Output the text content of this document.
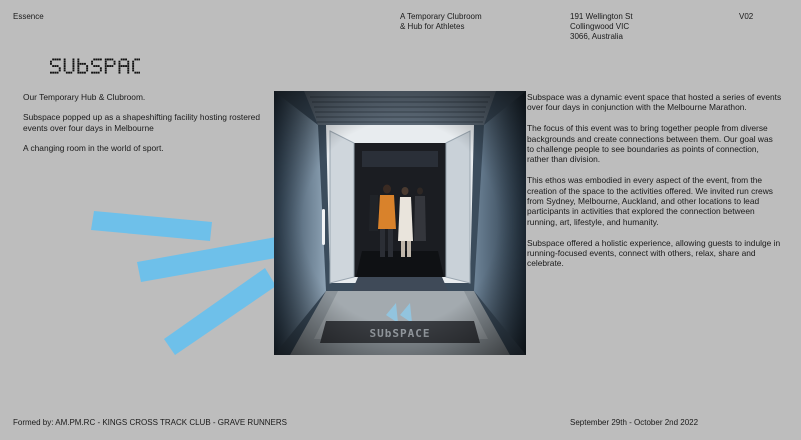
Essence	A Temporary Clubroom
& Hub for Athletes
191 Wellington St
Collingwood VIC
3066, Australia
V02

Our Temporary Hub & Clubroom.

Subspace popped up as a shapeshifting facility hosting rostered events over four days in Melbourne

A changing room in the world of sport.

Subspace was a dynamic event space that hosted a series of events over four days in conjunction with the Melbourne Marathon.

The focus of this event was to bring together people from diverse backgrounds and create connections between them. Our goal was to challenge people to see boundaries as points of connection, rather than division.

This ethos was embodied in every aspect of the event, from the creation of the space to the activities offered. We invited run crews from Sydney, Melbourne, Auckland, and other locations to lead participants in activities that explored the connection between running, art, lifestyle, and humanity.

Subspace offered a holistic experience, allowing guests to indulge in running-focused events, connect with others, relax, share and celebrate.

Formed by: AM.PM.RC - KINGS CROSS TRACK CLUB - GRAVE RUNNERS	September 29th - October 2nd 2022
